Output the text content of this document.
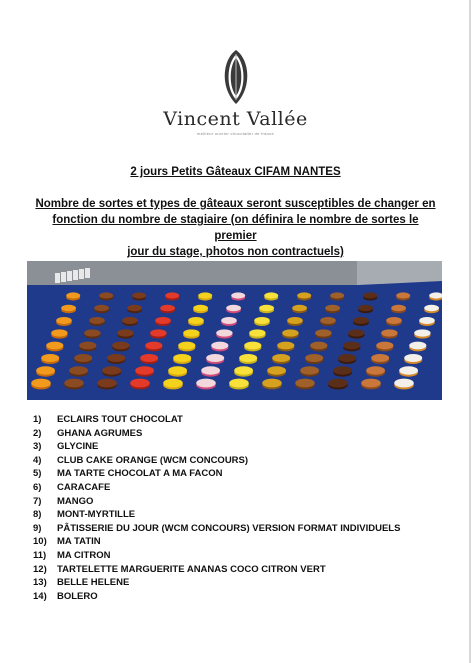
Vincent Vallée
meilleur ouvrier chocolatier de france
2 jours Petits Gâteaux CIFAM NANTES
Nombre de sortes et types de gâteaux seront susceptibles de changer en
fonction du nombre de stagiaire (on définira le nombre de sortes le premier
jour du stage, photos non contractuels)
1) ECLAIRS TOUT CHOCOLAT
2) GHANA AGRUMES
3) GLYCINE
4) CLUB CAKE ORANGE (WCM CONCOURS)
5) MA TARTE CHOCOLAT A MA FACON
6) CARACAFE
7) MANGO
8) MONT-MYRTILLE
9) PÂTISSERIE DU JOUR (WCM CONCOURS) VERSION FORMAT INDIVIDUELS
10) MA TATIN
11) MA CITRON
12) TARTELETTE MARGUERITE ANANAS COCO CITRON VERT
13) BELLE HELENE
14) BOLERO
